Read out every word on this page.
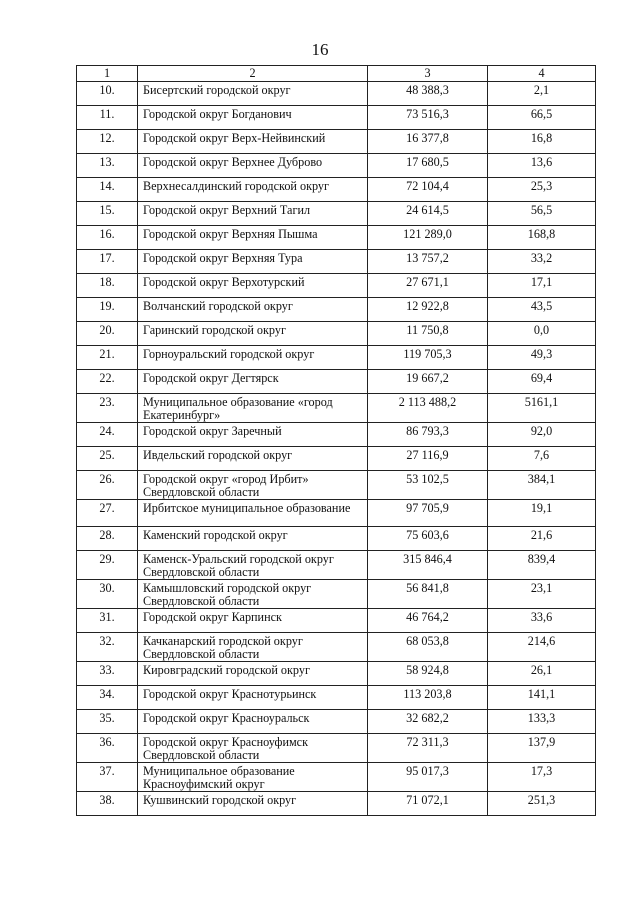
16
1	2	3	4
10.	Бисертский городской округ	48 388,3	2,1
11.	Городской округ Богданович	73 516,3	66,5
12.	Городской округ Верх-Нейвинский	16 377,8	16,8
13.	Городской округ Верхнее Дуброво	17 680,5	13,6
14.	Верхнесалдинский городской округ	72 104,4	25,3
15.	Городской округ Верхний Тагил	24 614,5	56,5
16.	Городской округ Верхняя Пышма	121 289,0	168,8
17.	Городской округ Верхняя Тура	13 757,2	33,2
18.	Городской округ Верхотурский	27 671,1	17,1
19.	Волчанский городской округ	12 922,8	43,5
20.	Гаринский городской округ	11 750,8	0,0
21.	Горноуральский городской округ	119 705,3	49,3
22.	Городской округ Дегтярск	19 667,2	69,4
23.	Муниципальное образование «город Екатеринбург»	2 113 488,2	5161,1
24.	Городской округ Заречный	86 793,3	92,0
25.	Ивдельский городской округ	27 116,9	7,6
26.	Городской округ «город Ирбит» Свердловской области	53 102,5	384,1
27.	Ирбитское муниципальное образование	97 705,9	19,1
28.	Каменский городской округ	75 603,6	21,6
29.	Каменск-Уральский городской округ Свердловской области	315 846,4	839,4
30.	Камышловский городской округ Свердловской области	56 841,8	23,1
31.	Городской округ Карпинск	46 764,2	33,6
32.	Качканарский городской округ Свердловской области	68 053,8	214,6
33.	Кировградский городской округ	58 924,8	26,1
34.	Городской округ Краснотурьинск	113 203,8	141,1
35.	Городской округ Красноуральск	32 682,2	133,3
36.	Городской округ Красноуфимск Свердловской области	72 311,3	137,9
37.	Муниципальное образование Красноуфимский округ	95 017,3	17,3
38.	Кушвинский городской округ	71 072,1	251,3
